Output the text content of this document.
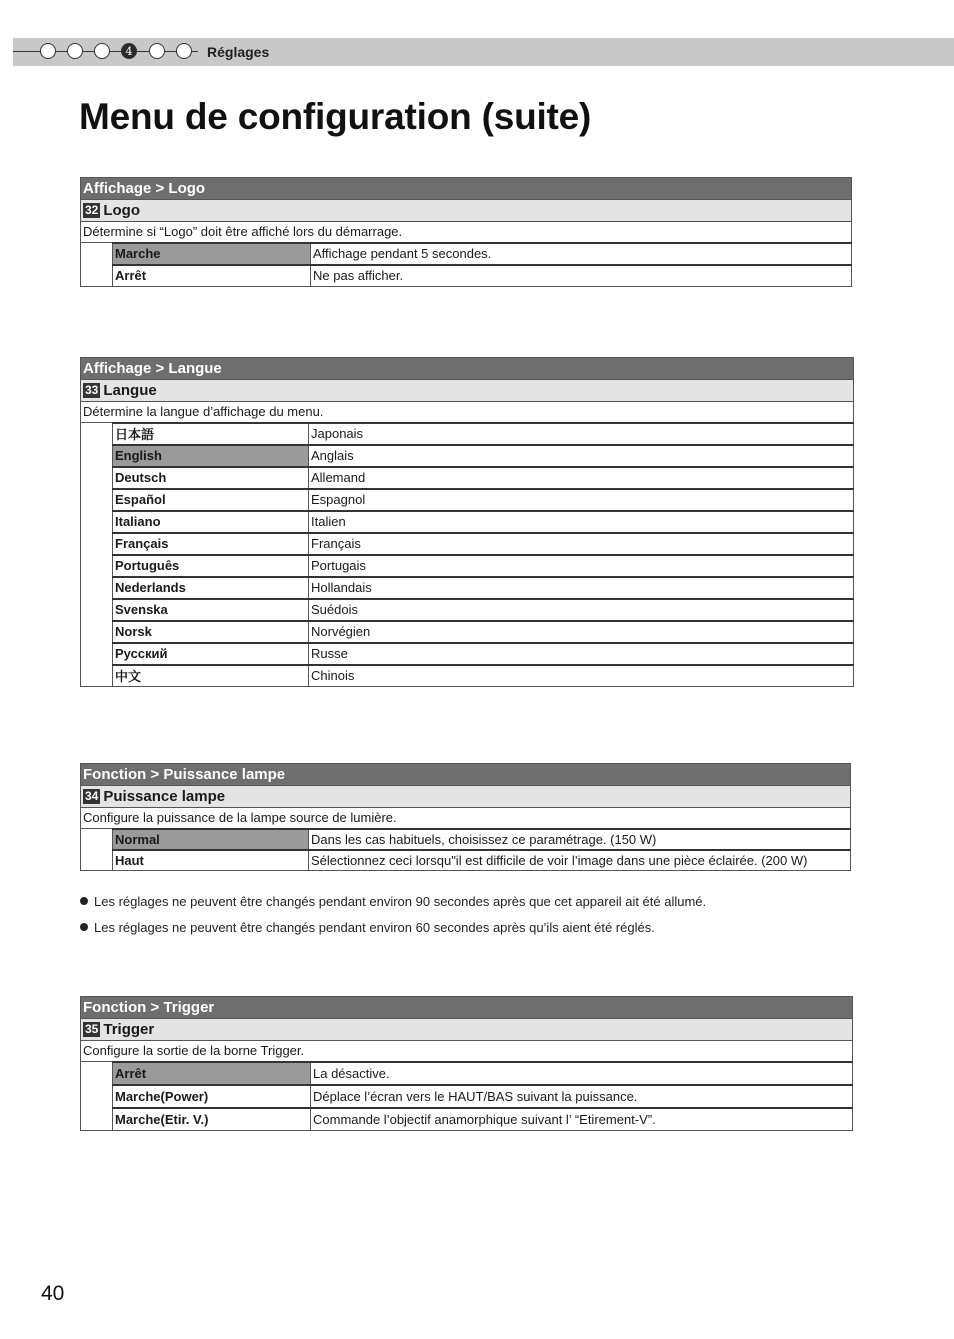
4	Réglages
Menu de configuration (suite)
Affichage > Logo		
32 Logo		
Détermine si “Logo” doit être affiché lors du démarrage.		
	Marche	Affichage pendant 5 secondes.
	Arrêt	Ne pas afficher.
Affichage > Langue		
33 Langue		
Détermine la langue d’affichage du menu.		
	日本語	Japonais
	English	Anglais
	Deutsch	Allemand
	Español	Espagnol
	Italiano	Italien
	Français	Français
	Português	Portugais
	Nederlands	Hollandais
	Svenska	Suédois
	Norsk	Norvégien
	Русский	Russe
	中文	Chinois
Fonction > Puissance lampe		
34 Puissance lampe		
Configure la puissance de la lampe source de lumière.		
	Normal	Dans les cas habituels, choisissez ce paramétrage. (150 W)
	Haut	Sélectionnez ceci lorsqu"il est difficile de voir l’image dans une pièce éclairée. (200 W)
Fonction > Trigger		
35 Trigger		
Configure la sortie de la borne Trigger.		
	Arrêt	La désactive.
	Marche(Power)	Déplace l’écran vers le HAUT/BAS suivant la puissance.
	Marche(Etir. V.)	Commande l’objectif anamorphique suivant l’ “Etirement-V”.
Les réglages ne peuvent être changés pendant environ 90 secondes après que cet appareil ait été allumé.
Les réglages ne peuvent être changés pendant environ 60 secondes après qu’ils aient été réglés.
40
